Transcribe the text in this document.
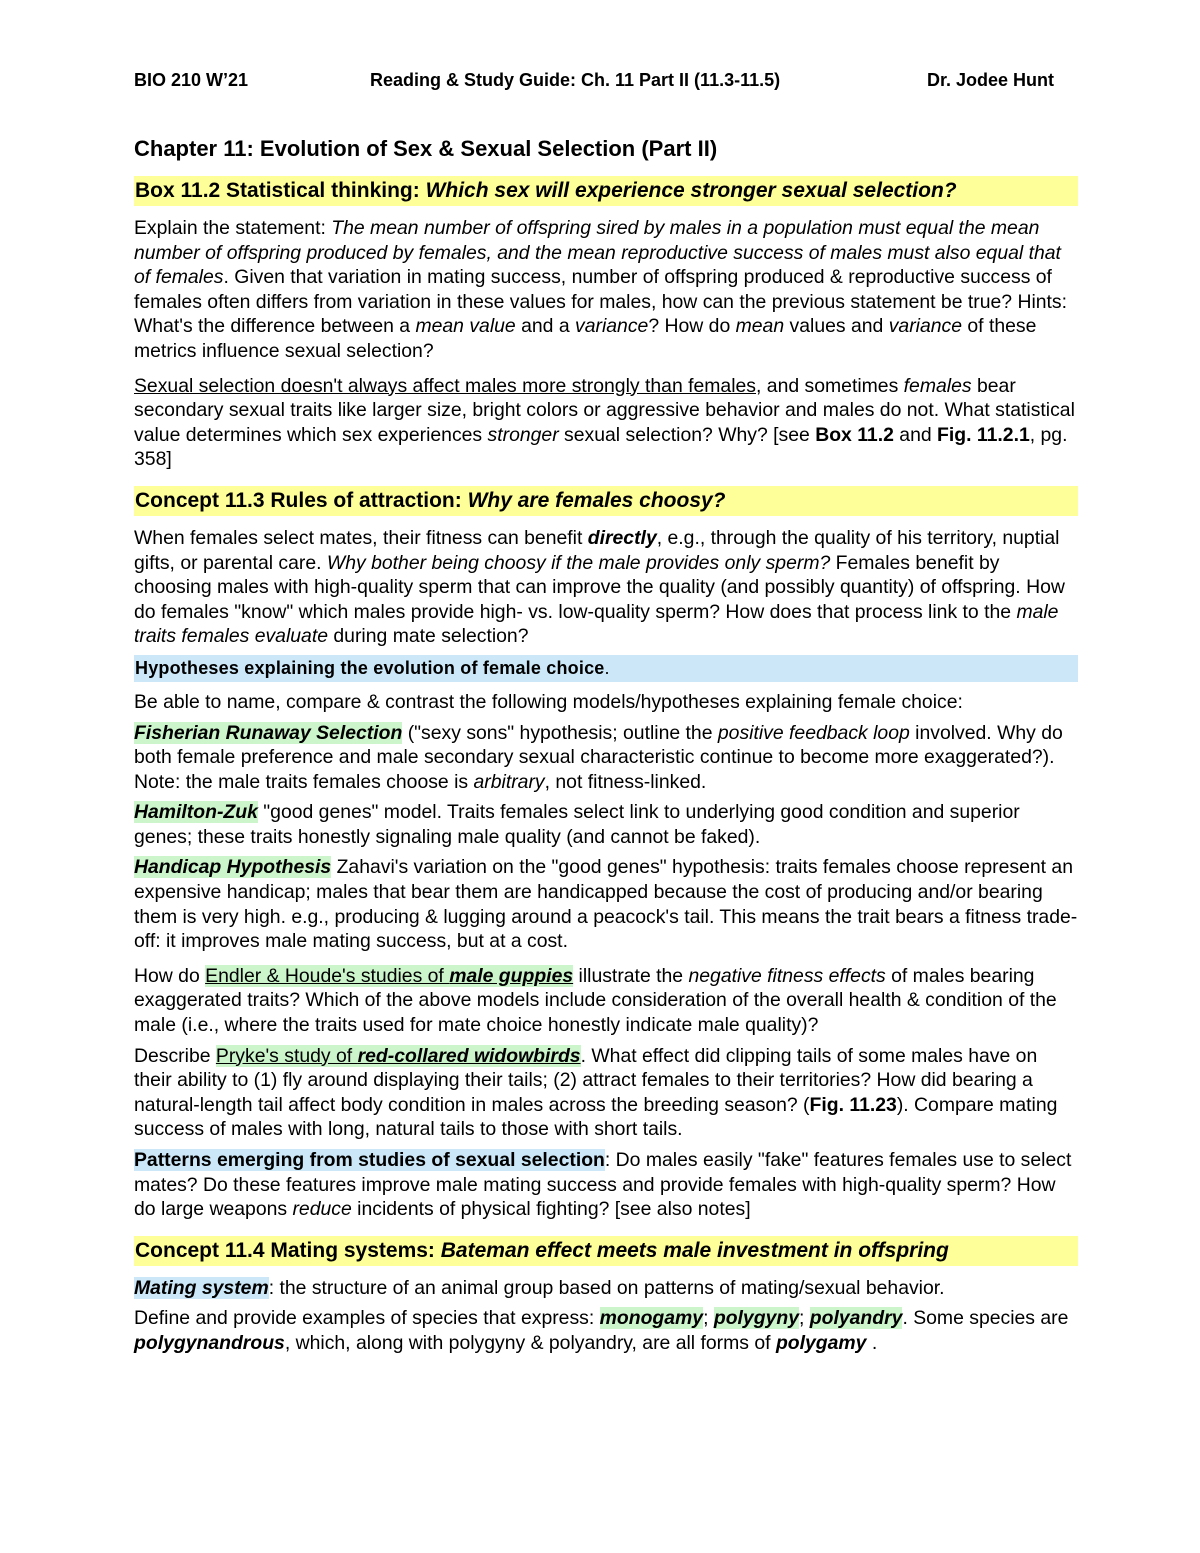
BIO 210 W’21	Reading & Study Guide: Ch. 11 Part II (11.3-11.5)	Dr. Jodee Hunt
Chapter 11: Evolution of Sex & Sexual Selection (Part II)
Box 11.2 Statistical thinking: Which sex will experience stronger sexual selection?

Explain the statement: The mean number of offspring sired by males in a population must equal the mean number of offspring produced by females, and the mean reproductive success of males must also equal that of females. Given that variation in mating success, number of offspring produced & reproductive success of females often differs from variation in these values for males, how can the previous statement be true? Hints: What's the difference between a mean value and a variance? How do mean values and variance of these metrics influence sexual selection?

Sexual selection doesn't always affect males more strongly than females, and sometimes females bear secondary sexual traits like larger size, bright colors or aggressive behavior and males do not. What statistical value determines which sex experiences stronger sexual selection? Why? [see Box 11.2 and Fig. 11.2.1, pg. 358]

Concept 11.3 Rules of attraction: Why are females choosy?

When females select mates, their fitness can benefit directly, e.g., through the quality of his territory, nuptial gifts, or parental care. Why bother being choosy if the male provides only sperm? Females benefit by choosing males with high-quality sperm that can improve the quality (and possibly quantity) of offspring. How do females "know" which males provide high- vs. low-quality sperm? How does that process link to the male traits females evaluate during mate selection?

Hypotheses explaining the evolution of female choice.

Be able to name, compare & contrast the following models/hypotheses explaining female choice:

Fisherian Runaway Selection ("sexy sons" hypothesis; outline the positive feedback loop involved. Why do both female preference and male secondary sexual characteristic continue to become more exaggerated?). Note: the male traits females choose is arbitrary, not fitness-linked.

Hamilton-Zuk "good genes" model. Traits females select link to underlying good condition and superior genes; these traits honestly signaling male quality (and cannot be faked).

Handicap Hypothesis Zahavi's variation on the "good genes" hypothesis: traits females choose represent an expensive handicap; males that bear them are handicapped because the cost of producing and/or bearing them is very high. e.g., producing & lugging around a peacock's tail. This means the trait bears a fitness trade-off: it improves male mating success, but at a cost.

How do Endler & Houde's studies of male guppies illustrate the negative fitness effects of males bearing exaggerated traits? Which of the above models include consideration of the overall health & condition of the male (i.e., where the traits used for mate choice honestly indicate male quality)?

Describe Pryke's study of red-collared widowbirds. What effect did clipping tails of some males have on their ability to (1) fly around displaying their tails; (2) attract females to their territories? How did bearing a natural-length tail affect body condition in males across the breeding season? (Fig. 11.23). Compare mating success of males with long, natural tails to those with short tails.

Patterns emerging from studies of sexual selection: Do males easily "fake" features females use to select mates? Do these features improve male mating success and provide females with high-quality sperm? How do large weapons reduce incidents of physical fighting? [see also notes]

Concept 11.4 Mating systems: Bateman effect meets male investment in offspring

Mating system: the structure of an animal group based on patterns of mating/sexual behavior.

Define and provide examples of species that express: monogamy; polygyny; polyandry. Some species are polygynandrous, which, along with polygyny & polyandry, are all forms of polygamy .
